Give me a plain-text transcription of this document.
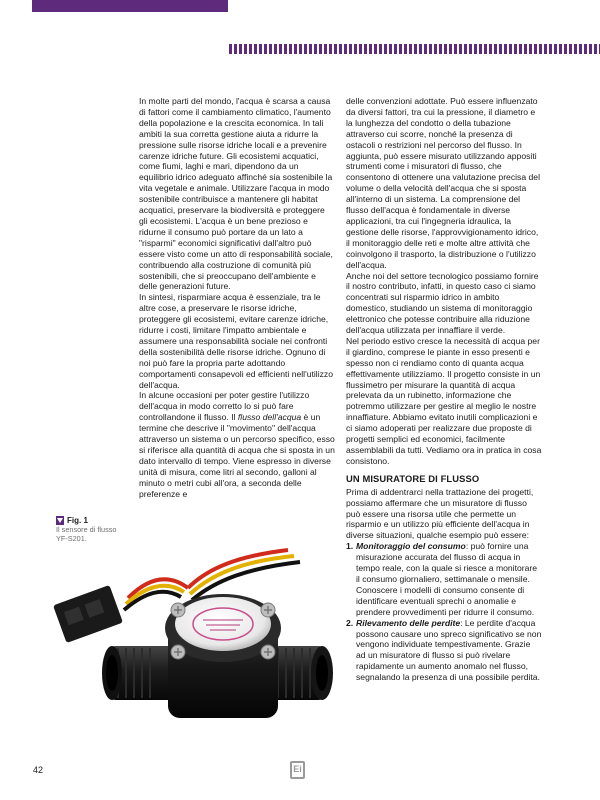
In molte parti del mondo, l'acqua è scarsa a causa di fattori come il cambiamento climatico, l'aumento della popolazione e la crescita economica. In tali ambiti la sua corretta gestione aiuta a ridurre la pressione sulle risorse idriche locali e a prevenire carenze idriche future. Gli ecosistemi acquatici, come fiumi, laghi e mari, dipendono da un equilibrio idrico adeguato affinché sia sostenibile la vita vegetale e animale. Utilizzare l'acqua in modo sostenibile contribuisce a mantenere gli habitat acquatici, preservare la biodiversità e proteggere gli ecosistemi. L'acqua è un bene prezioso e ridurne il consumo può portare da un lato a "risparmi" economici significativi dall'altro può essere visto come un atto di responsabilità sociale, contribuendo alla costruzione di comunità più sostenibili, che si preoccupano dell'ambiente e delle generazioni future.

In sintesi, risparmiare acqua è essenziale, tra le altre cose, a preservare le risorse idriche, proteggere gli ecosistemi, evitare carenze idriche, ridurre i costi, limitare l'impatto ambientale e assumere una responsabilità sociale nei confronti della sostenibilità delle risorse idriche. Ognuno di noi può fare la propria parte adottando comportamenti consapevoli ed efficienti nell'utilizzo dell'acqua.

In alcune occasioni per poter gestire l'utilizzo dell'acqua in modo corretto lo si può fare controllandone il flusso. Il flusso dell'acqua è un termine che descrive il "movimento" dell'acqua attraverso un sistema o un percorso specifico, esso si riferisce alla quantità di acqua che si sposta in un dato intervallo di tempo. Viene espresso in diverse unità di misura, come litri al secondo, galloni al minuto o metri cubi all'ora, a seconda delle preferenze e

delle convenzioni adottate. Può essere influenzato da diversi fattori, tra cui la pressione, il diametro e la lunghezza del condotto o della tubazione attraverso cui scorre, nonché la presenza di ostacoli o restrizioni nel percorso del flusso. In aggiunta, può essere misurato utilizzando appositi strumenti come i misuratori di flusso, che consentono di ottenere una valutazione precisa del volume o della velocità dell'acqua che si sposta all'interno di un sistema. La comprensione del flusso dell'acqua è fondamentale in diverse applicazioni, tra cui l'ingegneria idraulica, la gestione delle risorse, l'approvvigionamento idrico, il monitoraggio delle reti e molte altre attività che coinvolgono il trasporto, la distribuzione o l'utilizzo dell'acqua.

Anche noi del settore tecnologico possiamo fornire il nostro contributo, infatti, in questo caso ci siamo concentrati sul risparmio idrico in ambito domestico, studiando un sistema di monitoraggio elettronico che potesse contribuire alla riduzione dell'acqua utilizzata per innaffiare il verde.

Nel periodo estivo cresce la necessità di acqua per il giardino, comprese le piante in esso presenti e spesso non ci rendiamo conto di quanta acqua effettivamente utilizziamo. Il progetto consiste in un flussimetro per misurare la quantità di acqua prelevata da un rubinetto, informazione che potremmo utilizzare per gestire al meglio le nostre innaffiature. Abbiamo evitato inutili complicazioni e ci siamo adoperati per realizzare due proposte di progetti semplici ed economici, facilmente assemblabili da tutti. Vediamo ora in pratica in cosa consistono.

UN MISURATORE DI FLUSSO

Prima di addentrarci nella trattazione dei progetti, possiamo affermare che un misuratore di flusso può essere una risorsa utile che permette un risparmio e un utilizzo più efficiente dell'acqua in diverse situazioni, qualche esempio può essere:

1. Monitoraggio del consumo: può fornire una misurazione accurata del flusso di acqua in tempo reale, con la quale si riesce a monitorare il consumo giornaliero, settimanale o mensile. Conoscere i modelli di consumo consente di identificare eventuali sprechi o anomalie e prendere provvedimenti per ridurre il consumo.
2. Rilevamento delle perdite: Le perdite d'acqua possono causare uno spreco significativo se non vengono individuate tempestivamente. Grazie ad un misuratore di flusso si può rivelare rapidamente un aumento anomalo nel flusso, segnalando la presenza di una possibile perdita.
Fig. 1
Il sensore di flusso
YF-S201.
42	Ei
